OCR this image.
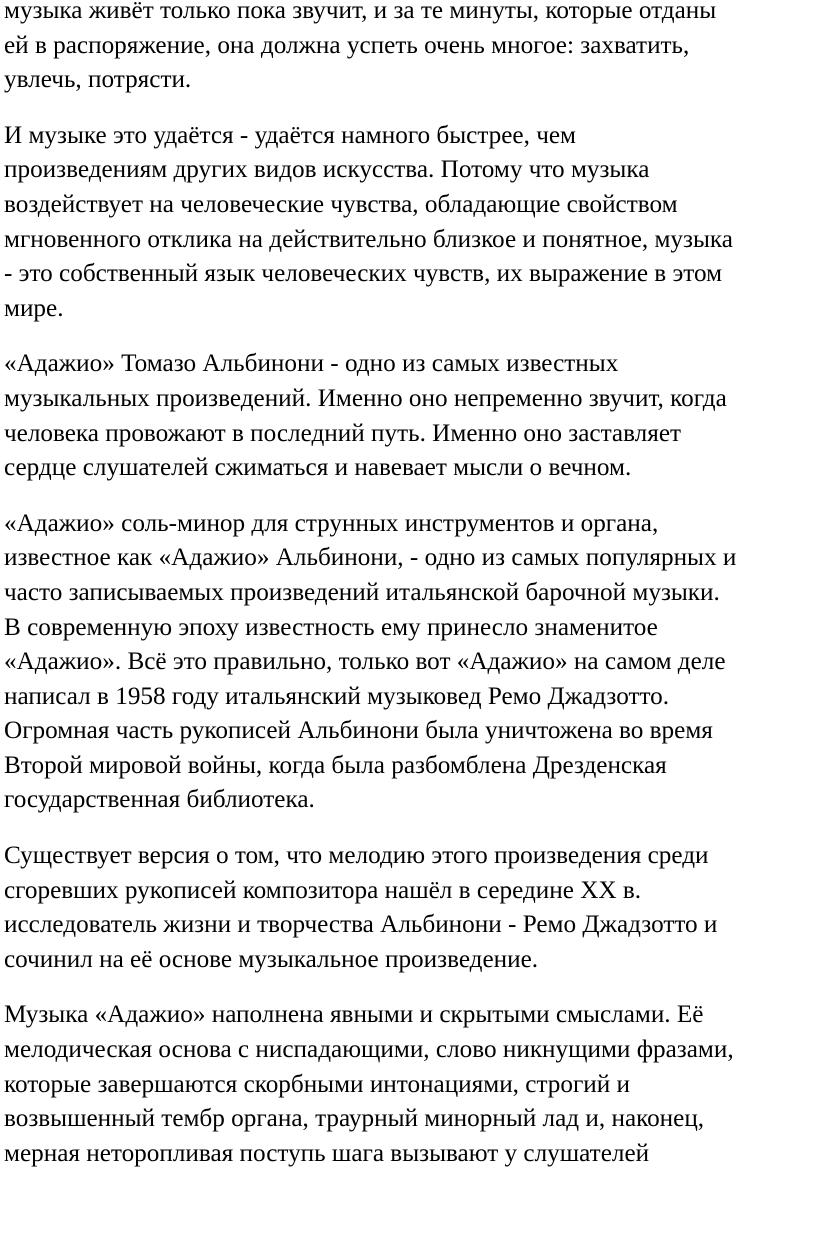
музыка живёт только пока звучит, и за те минуты, которые отданы
ей в распоряжение, она должна успеть очень многое: захватить,
увлечь, потрясти.

И музыке это удаётся - удаётся намного быстрее, чем
произведениям других видов искусства. Потому что музыка
воздействует на человеческие чувства, обладающие свойством
мгновенного отклика на действительно близкое и понятное, музыка
- это собственный язык человеческих чувств, их выражение в этом
мире.

«Адажио» Томазо Альбинони - одно из самых известных
музыкальных произведений. Именно оно непременно звучит, когда
человека провожают в последний путь. Именно оно заставляет
сердце слушателей сжиматься и навевает мысли о вечном.

«Адажио» соль-минор для струнных инструментов и органа,
известное как «Адажио» Альбинони, - одно из самых популярных и
часто записываемых произведений итальянской барочной музыки.
В современную эпоху известность ему принесло знаменитое
«Адажио». Всё это правильно, только вот «Адажио» на самом деле
написал в 1958 году итальянский музыковед Ремо Джадзотто.
Огромная часть рукописей Альбинони была уничтожена во время
Второй мировой войны, когда была разбомблена Дрезденская
государственная библиотека.

Существует версия о том, что мелодию этого произведения среди
сгоревших рукописей композитора нашёл в середине XX в.
исследователь жизни и творчества Альбинони - Ремо Джадзотто и
сочинил на её основе музыкальное произведение.

Музыка «Адажио» наполнена явными и скрытыми смыслами. Её
мелодическая основа с ниспадающими, слово никнущими фразами,
которые завершаются скорбными интонациями, строгий и
возвышенный тембр органа, траурный минорный лад и, наконец,
мерная неторопливая поступь шага вызывают у слушателей
